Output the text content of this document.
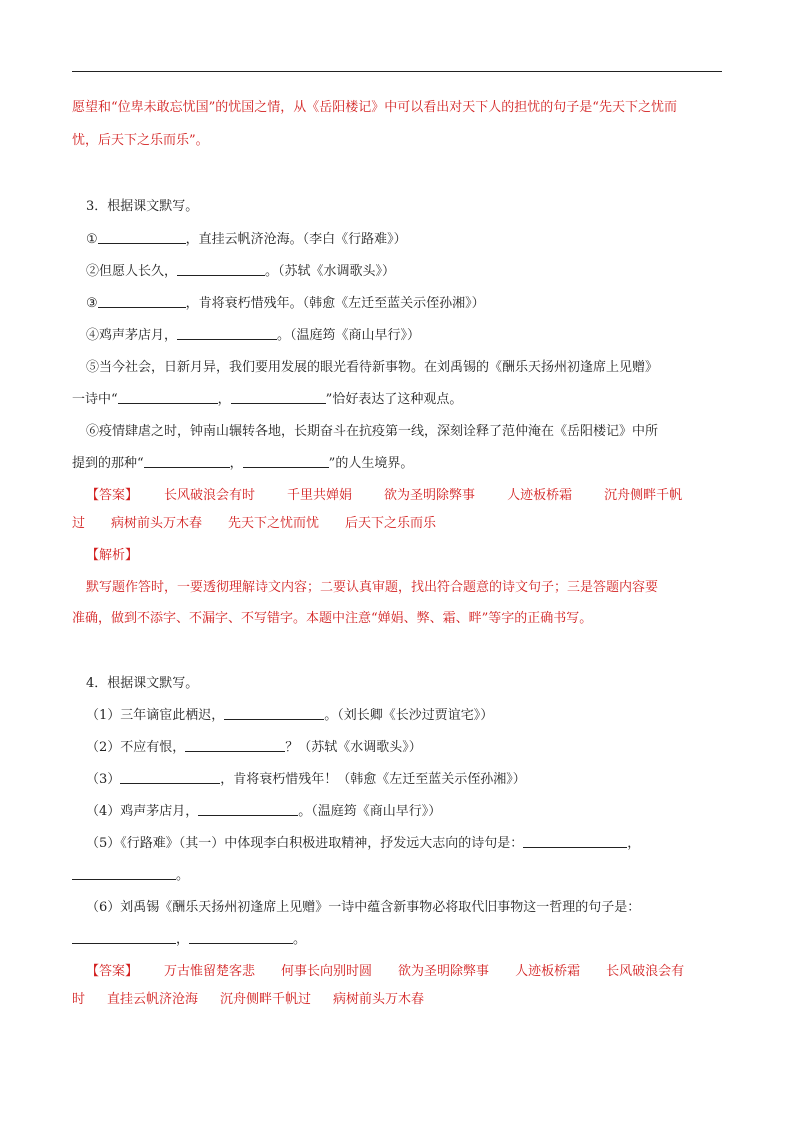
愿望和“位卑未敢忘忧国”的忧国之情，从《岳阳楼记》中可以看出对天下人的担忧的句子是“先天下之忧而
忧，后天下之乐而乐”。
3．根据课文默写。
①	，直挂云帆济沧海。（李白《行路难》）
②但愿人长久，	。（苏轼《水调歌头》）
③	，肯将衰朽惜残年。（韩愈《左迁至蓝关示侄孙湘》）
④鸡声茅店月，	。（温庭筠《商山早行》）
⑤当今社会，日新月异，我们要用发展的眼光看待新事物。在刘禹锡的《酬乐天扬州初逢席上见赠》
一诗中“	，	”恰好表达了这种观点。
⑥疫情肆虐之时，钟南山辗转各地，长期奋斗在抗疫第一线，深刻诠释了范仲淹在《岳阳楼记》中所
提到的那种“	，	”的人生境界。
【答案】 长风破浪会有时 千里共婵娟 欲为圣明除弊事 人迹板桥霜 沉舟侧畔千帆
过 病树前头万木春 先天下之忧而忧 后天下之乐而乐
【解析】
默写题作答时，一要透彻理解诗文内容；二要认真审题，找出符合题意的诗文句子；三是答题内容要
准确，做到不添字、不漏字、不写错字。本题中注意“婵娟、弊、霜、畔”等字的正确书写。
4．根据课文默写。
（1）三年谪宦此栖迟，	。（刘长卿《长沙过贾谊宅》）
（2）不应有恨，	？（苏轼《水调歌头》）
（3）	，肯将衰朽惜残年！（韩愈《左迁至蓝关示侄孙湘》）
（4）鸡声茅店月，	。（温庭筠《商山早行》）
（5）《行路难》（其一）中体现李白积极进取精神，抒发远大志向的诗句是：	，
。
（6）刘禹锡《酬乐天扬州初逢席上见赠》一诗中蕴含新事物必将取代旧事物这一哲理的句子是：
，	。
【答案】 万古惟留楚客悲 何事长向别时圆 欲为圣明除弊事 人迹板桥霜 长风破浪会有
时 直挂云帆济沧海 沉舟侧畔千帆过 病树前头万木春
